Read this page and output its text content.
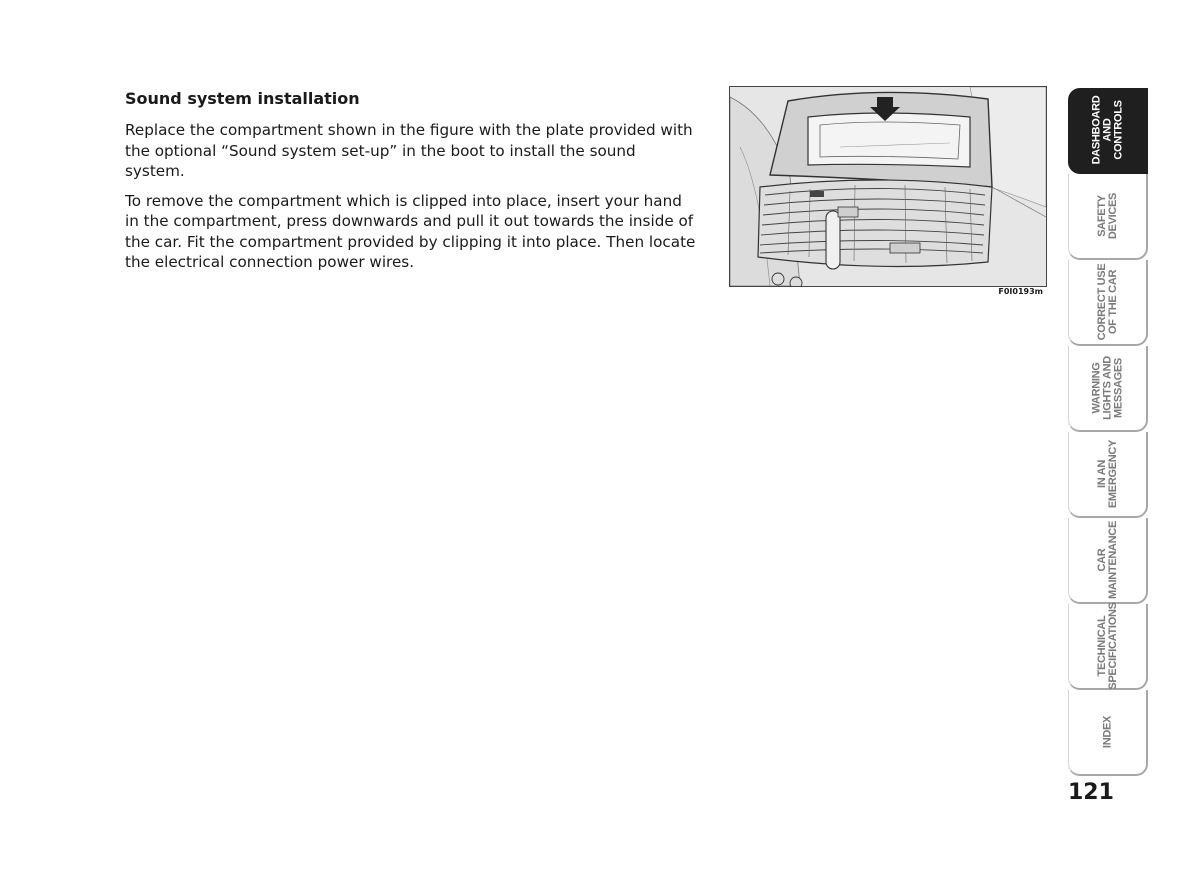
Sound system installation

Replace the compartment shown in the figure with the plate provided with the optional “Sound system set-up” in the boot to install the sound system.

To remove the compartment which is clipped into place, insert your hand in the compartment, press downwards and pull it out towards the inside of the car. Fit the compartment provided by clipping it into place. Then locate the electrical connection power wires.

F0I0193m
DASHBOARD
AND
CONTROLS
SAFETY
DEVICES
CORRECT USE
OF THE CAR
WARNING
LIGHTS AND
MESSAGES
IN AN
EMERGENCY
CAR
MAINTENANCE
TECHNICAL
SPECIFICATIONS
INDEX
121
